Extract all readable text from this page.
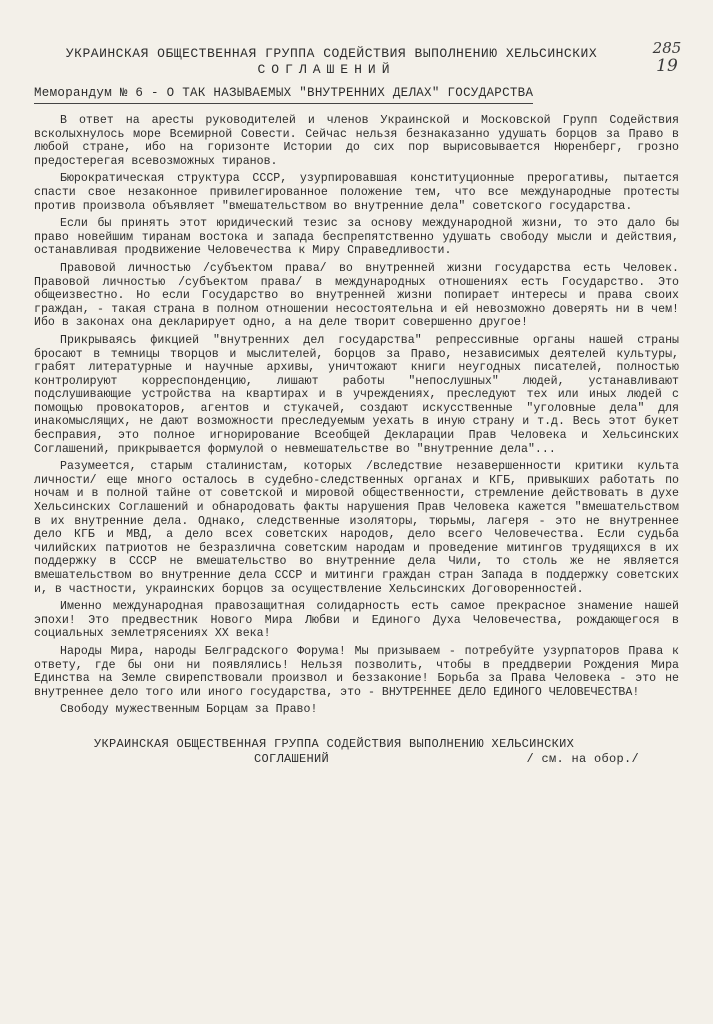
285
19
УКРАИНСКАЯ ОБЩЕСТВЕННАЯ ГРУППА СОДЕЙСТВИЯ ВЫПОЛНЕНИЮ ХЕЛЬСИНСКИХ
СОГЛАШЕНИЙ
Меморандум № 6 - О ТАК НАЗЫВАЕМЫХ "ВНУТРЕННИХ ДЕЛАХ" ГОСУДАРСТВА

В ответ на аресты руководителей и членов Украинской и Московской Групп Содействия всколыхнулось море Всемирной Совести. Сейчас нельзя безнаказанно удушать борцов за Право в любой стране, ибо на горизонте Истории до сих пор вырисовывается Нюренберг, грозно предостерегая всевозможных тиранов.

Бюрократическая структура СССР, узурпировавшая конституционные прерогативы, пытается спасти свое незаконное привилегированное положение тем, что все международные протесты против произвола объявляет "вмешательством во внутренние дела" советского государства.

Если бы принять этот юридический тезис за основу международной жизни, то это дало бы право новейшим тиранам востока и запада беспрепятственно удушать свободу мысли и действия, останавливая продвижение Человечества к Миру Справедливости.

Правовой личностью /субъектом права/ во внутренней жизни государства есть Человек. Правовой личностью /субъектом права/ в международных отношениях есть Государство. Это общеизвестно. Но если Государство во внутренней жизни попирает интересы и права своих граждан, - такая страна в полном отношении несостоятельна и ей невозможно доверять ни в чем! Ибо в законах она декларирует одно, а на деле творит совершенно другое!

Прикрываясь фикцией "внутренних дел государства" репрессивные органы нашей страны бросают в темницы творцов и мыслителей, борцов за Право, независимых деятелей культуры, грабят литературные и научные архивы, уничтожают книги неугодных писателей, полностью контролируют корреспонденцию, лишают работы "непослушных" людей, устанавливают подслушивающие устройства на квартирах и в учреждениях, преследуют тех или иных людей с помощью провокаторов, агентов и стукачей, создают искусственные "уголовные дела" для инакомыслящих, не дают возможности преследуемым уехать в иную страну и т.д. Весь этот букет бесправия, это полное игнорирование Всеобщей Декларации Прав Человека и Хельсинских Соглашений, прикрывается формулой о невмешательстве во "внутренние дела"...

Разумеется, старым сталинистам, которых /вследствие незавершенности критики культа личности/ еще много осталось в судебно-следственных органах и КГБ, привыкших работать по ночам и в полной тайне от советской и мировой общественности, стремление действовать в духе Хельсинских Соглашений и обнародовать факты нарушения Прав Человека кажется "вмешательством в их внутренние дела. Однако, следственные изоляторы, тюрьмы, лагеря - это не внутреннее дело КГБ и МВД, а дело всех советских народов, дело всего Человечества. Если судьба чилийских патриотов не безразлична советским народам и проведение митингов трудящихся в их поддержку в СССР не вмешательство во внутренние дела Чили, то столь же не является вмешательством во внутренние дела СССР и митинги граждан стран Запада в поддержку советских и, в частности, украинских борцов за осуществление Хельсинских Договоренностей.

Именно международная правозащитная солидарность есть самое прекрасное знамение нашей эпохи! Это предвестник Нового Мира Любви и Единого Духа Человечества, рождающегося в социальных землетрясениях XX века!

Народы Мира, народы Белградского Форума! Мы призываем - потребуйте узурпаторов Права к ответу, где бы они ни появлялись! Нельзя позволить, чтобы в преддверии Рождения Мира Единства на Земле свирепствовали произвол и беззаконие! Борьба за Права Человека - это не внутреннее дело того или иного государства, это - ВНУТРЕННЕЕ ДЕЛО ЕДИНОГО ЧЕЛОВЕЧЕСТВА!

Свободу мужественным Борцам за Право!

УКРАИНСКАЯ ОБЩЕСТВЕННАЯ ГРУППА СОДЕЙСТВИЯ ВЫПОЛНЕНИЮ ХЕЛЬСИНСКИХ
СОГЛАШЕНИЙ	/ см. на обор./
